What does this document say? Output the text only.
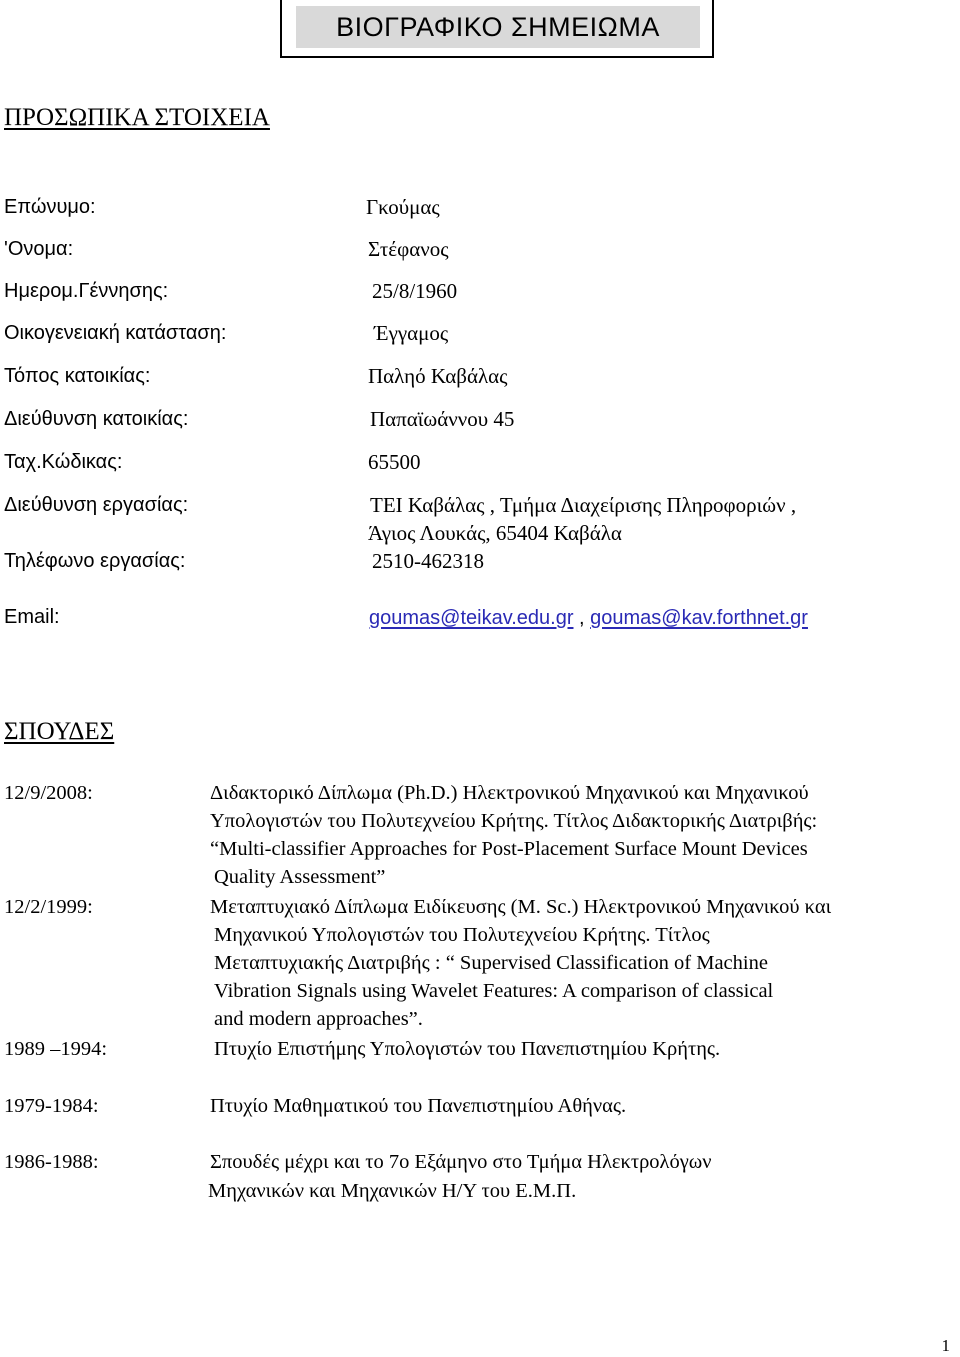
ΒΙΟΓΡΑΦΙΚΟ ΣΗΜΕΙΩΜΑ
ΠΡΟΣΩΠΙΚΑ ΣΤΟΙΧΕΙΑ
Επώνυμο:	Γκούμας
'Ονομα:	Στέφανος
Ημερομ.Γέννησης:	25/8/1960
Οικογενειακή κατάσταση:	Έγγαμος
Τόπος κατοικίας:	Παληό Καβάλας
Διεύθυνση κατοικίας:	Παπαϊωάννου 45
Ταχ.Κώδικας:	65500
Διεύθυνση εργασίας:	ΤΕΙ Καβάλας , Τμήμα Διαχείρισης Πληροφοριών ,
Άγιος Λουκάς, 65404 Καβάλα
Τηλέφωνο εργασίας:	2510-462318
Email:	goumas@teikav.edu.gr , goumas@kav.forthnet.gr
ΣΠΟΥΔΕΣ
12/9/2008:	Διδακτορικό Δίπλωμα (Ph.D.) Ηλεκτρονικού Μηχανικού και Μηχανικού
Υπολογιστών του Πολυτεχνείου Κρήτης. Τίτλος Διδακτορικής Διατριβής:
“Multi-classifier Approaches for Post-Placement Surface Mount Devices
Quality Assessment”
12/2/1999:	Μεταπτυχιακό Δίπλωμα Ειδίκευσης (M. Sc.) Ηλεκτρονικού Μηχανικού και
Μηχανικού Υπολογιστών του Πολυτεχνείου Κρήτης. Τίτλος
Μεταπτυχιακής Διατριβής : “ Supervised Classification of Machine
Vibration Signals using Wavelet Features: A comparison of classical
and modern approaches”.
1989 –1994:	Πτυχίο Επιστήμης Υπολογιστών του Πανεπιστημίου Κρήτης.
1979-1984:	Πτυχίο Μαθηματικού του Πανεπιστημίου Αθήνας.
1986-1988:	Σπουδές μέχρι και το 7ο Εξάμηνο στο Τμήμα Ηλεκτρολόγων
Μηχανικών και Μηχανικών Η/Υ του Ε.Μ.Π.
1
